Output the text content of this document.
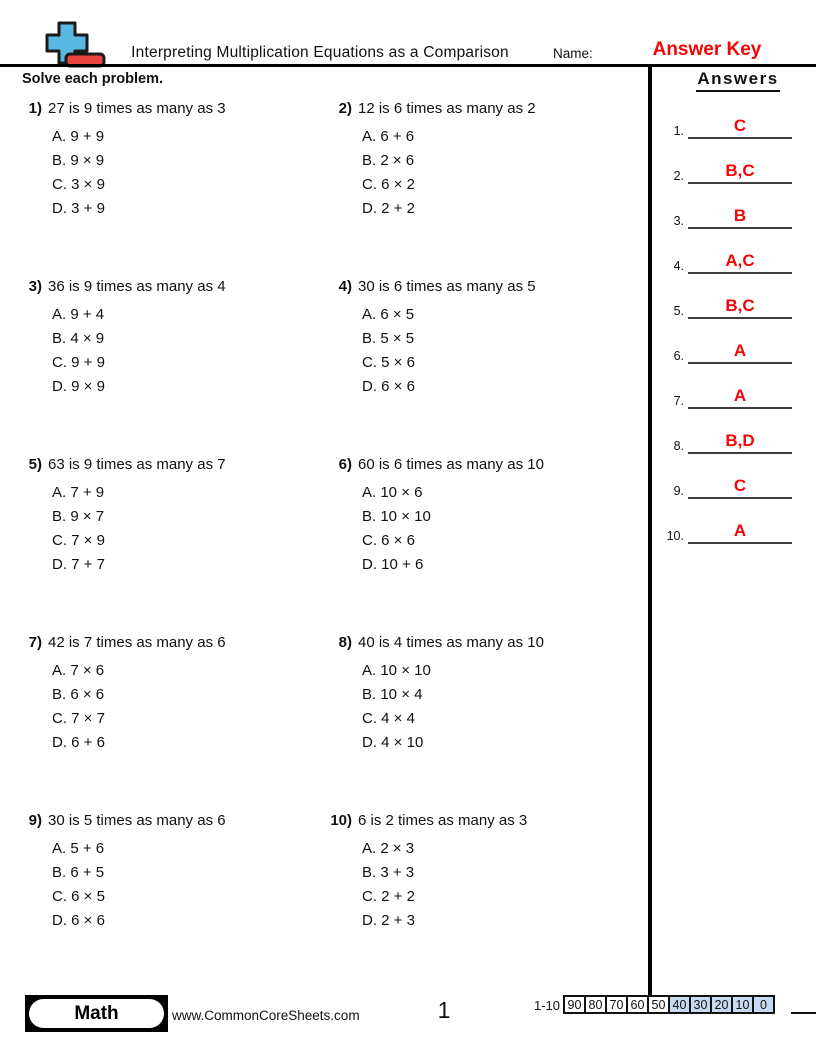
Interpreting Multiplication Equations as a Comparison	Name:	Answer Key
Solve each problem.
1) 27 is 9 times as many as 3
A. 9 + 9
B. 9 × 9
C. 3 × 9
D. 3 + 9
2) 12 is 6 times as many as 2
A. 6 + 6
B. 2 × 6
C. 6 × 2
D. 2 + 2
3) 36 is 9 times as many as 4
A. 9 + 4
B. 4 × 9
C. 9 + 9
D. 9 × 9
4) 30 is 6 times as many as 5
A. 6 × 5
B. 5 × 5
C. 5 × 6
D. 6 × 6
5) 63 is 9 times as many as 7
A. 7 + 9
B. 9 × 7
C. 7 × 9
D. 7 + 7
6) 60 is 6 times as many as 10
A. 10 × 6
B. 10 × 10
C. 6 × 6
D. 10 + 6
7) 42 is 7 times as many as 6
A. 7 × 6
B. 6 × 6
C. 7 × 7
D. 6 + 6
8) 40 is 4 times as many as 10
A. 10 × 10
B. 10 × 4
C. 4 × 4
D. 4 × 10
9) 30 is 5 times as many as 6
A. 5 + 6
B. 6 + 5
C. 6 × 5
D. 6 × 6
10) 6 is 2 times as many as 3
A. 2 × 3
B. 3 + 3
C. 2 + 2
D. 2 + 3
Answers
1.	C
2.	B,C
3.	B
4.	A,C
5.	B,C
6.	A
7.	A
8.	B,D
9.	C
10.	A
Math	www.CommonCoreSheets.com	1	1-10 90 80 70 60 50 40 30 20 10 0
